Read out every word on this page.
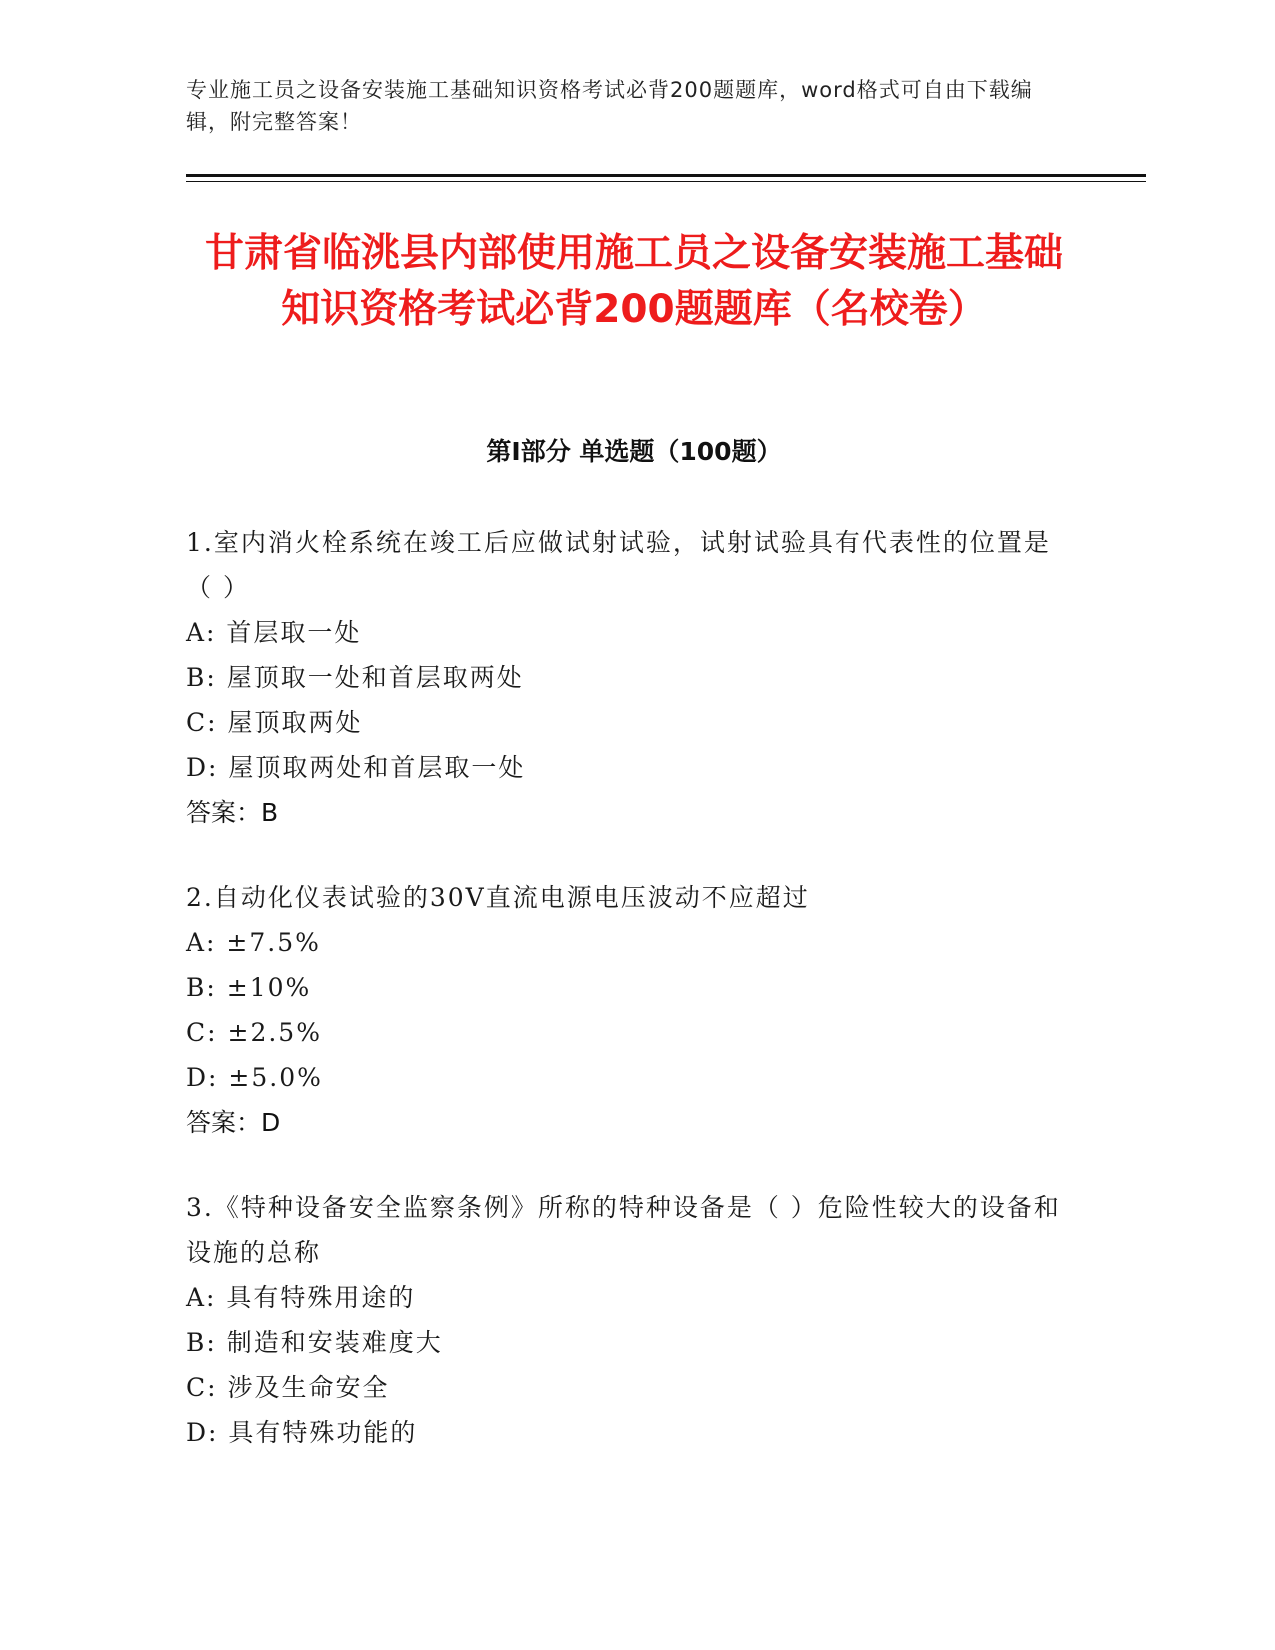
专业施工员之设备安装施工基础知识资格考试必背200题题库，word格式可自由下载编辑，附完整答案！
甘肃省临洮县内部使用施工员之设备安装施工基础知识资格考试必背200题题库（名校卷）
第Ⅰ部分 单选题（100题）

1.室内消火栓系统在竣工后应做试射试验，试射试验具有代表性的位置是（ ）

A: 首层取一处

B: 屋顶取一处和首层取两处

C: 屋顶取两处

D: 屋顶取两处和首层取一处

答案：B

2.自动化仪表试验的30V直流电源电压波动不应超过

A: ±7.5%

B: ±10%

C: ±2.5%

D: ±5.0%

答案：D

3.《特种设备安全监察条例》所称的特种设备是（ ）危险性较大的设备和设施的总称

A: 具有特殊用途的

B: 制造和安装难度大

C: 涉及生命安全

D: 具有特殊功能的
